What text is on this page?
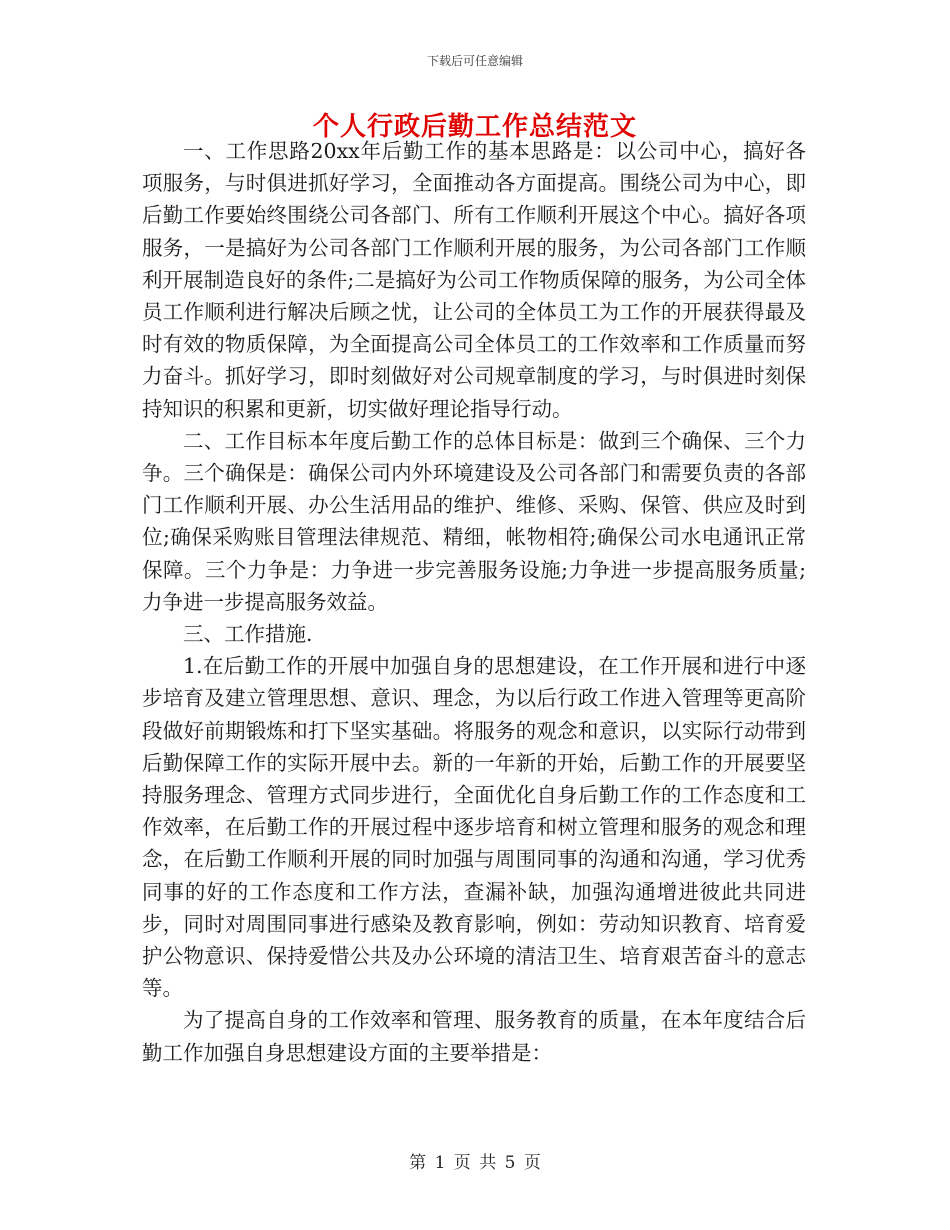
下载后可任意编辑
个人行政后勤工作总结范文

一、工作思路20xx年后勤工作的基本思路是：以公司中心，搞好各项服务，与时俱进抓好学习，全面推动各方面提高。围绕公司为中心，即后勤工作要始终围绕公司各部门、所有工作顺利开展这个中心。搞好各项服务，一是搞好为公司各部门工作顺利开展的服务，为公司各部门工作顺利开展制造良好的条件;二是搞好为公司工作物质保障的服务，为公司全体员工作顺利进行解决后顾之忧，让公司的全体员工为工作的开展获得最及时有效的物质保障，为全面提高公司全体员工的工作效率和工作质量而努力奋斗。抓好学习，即时刻做好对公司规章制度的学习，与时俱进时刻保持知识的积累和更新，切实做好理论指导行动。

二、工作目标本年度后勤工作的总体目标是：做到三个确保、三个力争。三个确保是：确保公司内外环境建设及公司各部门和需要负责的各部门工作顺利开展、办公生活用品的维护、维修、采购、保管、供应及时到位;确保采购账目管理法律规范、精细，帐物相符;确保公司水电通讯正常保障。三个力争是：力争进一步完善服务设施;力争进一步提高服务质量;力争进一步提高服务效益。

三、工作措施.

1.在后勤工作的开展中加强自身的思想建设，在工作开展和进行中逐步培育及建立管理思想、意识、理念，为以后行政工作进入管理等更高阶段做好前期锻炼和打下坚实基础。将服务的观念和意识，以实际行动带到后勤保障工作的实际开展中去。新的一年新的开始，后勤工作的开展要坚持服务理念、管理方式同步进行，全面优化自身后勤工作的工作态度和工作效率，在后勤工作的开展过程中逐步培育和树立管理和服务的观念和理念，在后勤工作顺利开展的同时加强与周围同事的沟通和沟通，学习优秀同事的好的工作态度和工作方法，查漏补缺，加强沟通增进彼此共同进步，同时对周围同事进行感染及教育影响，例如：劳动知识教育、培育爱护公物意识、保持爱惜公共及办公环境的清洁卫生、培育艰苦奋斗的意志等。

为了提高自身的工作效率和管理、服务教育的质量，在本年度结合后勤工作加强自身思想建设方面的主要举措是：

第 1 页 共 5 页
